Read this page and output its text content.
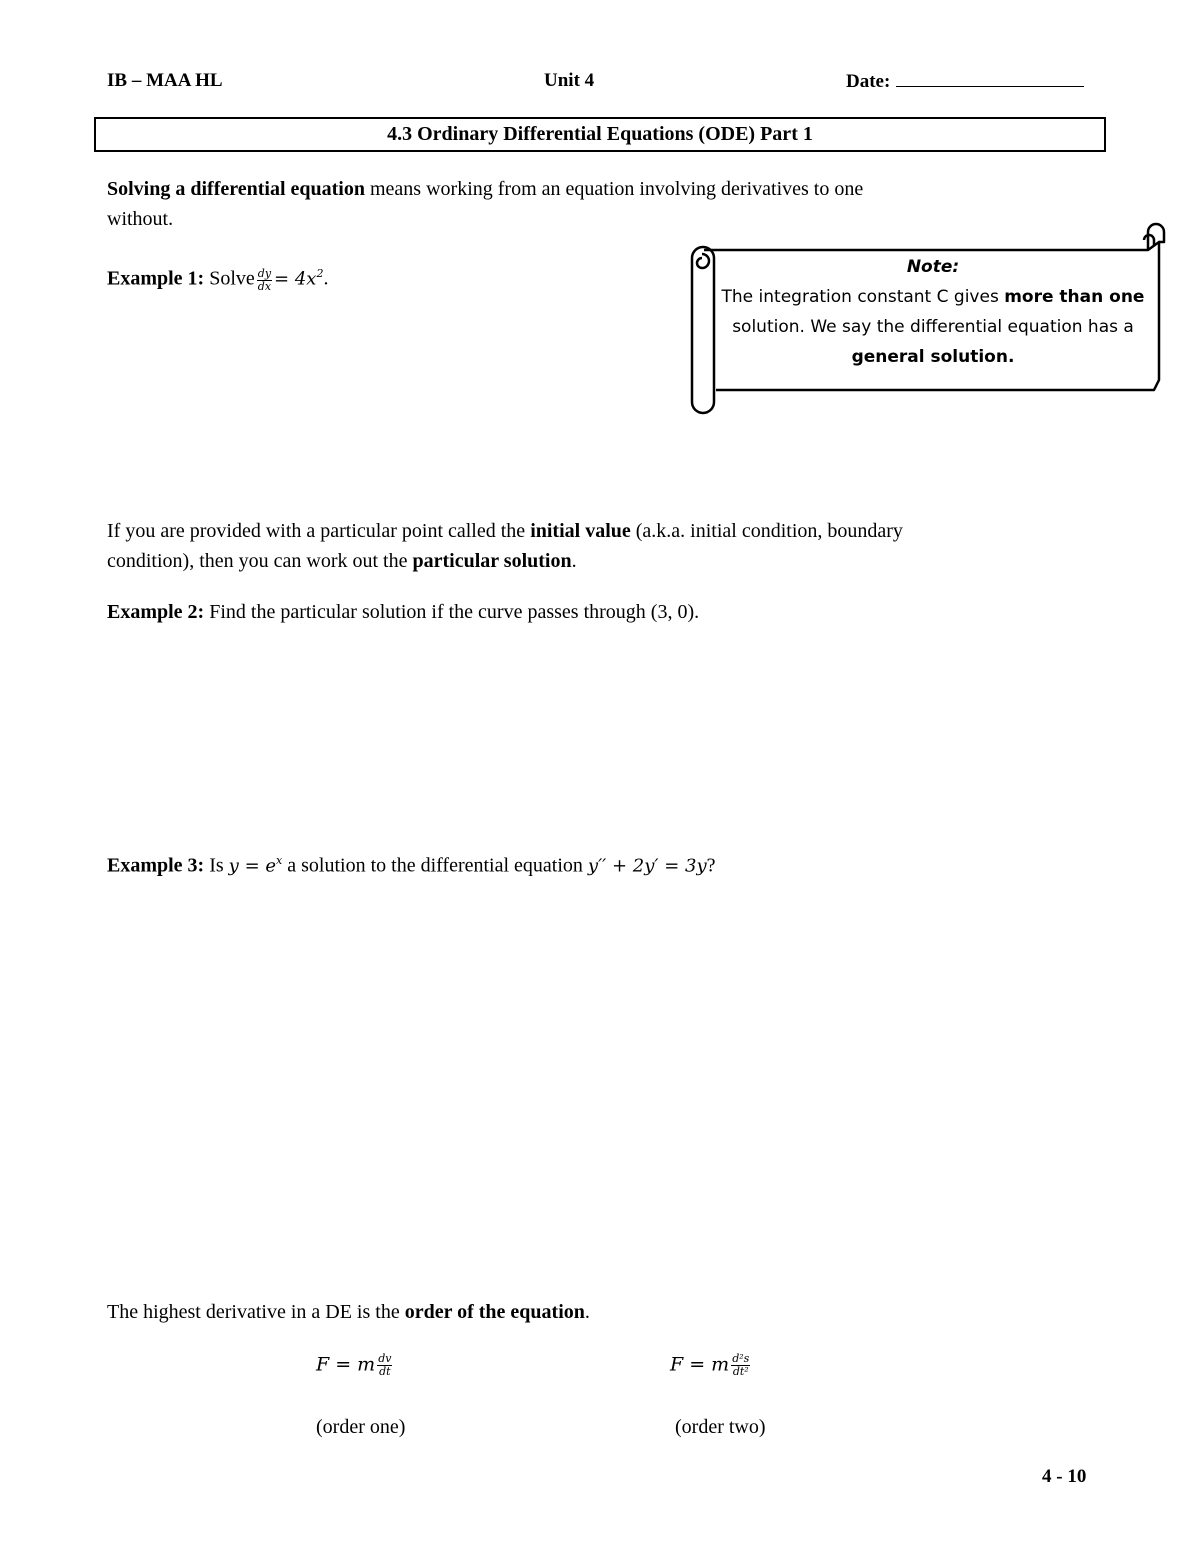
IB – MAA HL	Unit 4	Date:
4.3 Ordinary Differential Equations (ODE) Part 1
Solving a differential equation means working from an equation involving derivatives to one
without.
Example 1: Solve $\frac{dy}{dx} = 4x^2$.
Note:
The integration constant C gives more than one
solution. We say the differential equation has a
general solution.
If you are provided with a particular point called the initial value (a.k.a. initial condition, boundary
condition), then you can work out the particular solution.
Example 2: Find the particular solution if the curve passes through (3, 0).
Example 3: Is $y = e^x$ a solution to the differential equation y′′ + 2y′ = 3y?
The highest derivative in a DE is the order of the equation.
F = m $\frac{dv}{dt}$
(order one)
F = m $\frac{\text{d²s}}{\text{dt²}}$
(order two)
4 - 10
